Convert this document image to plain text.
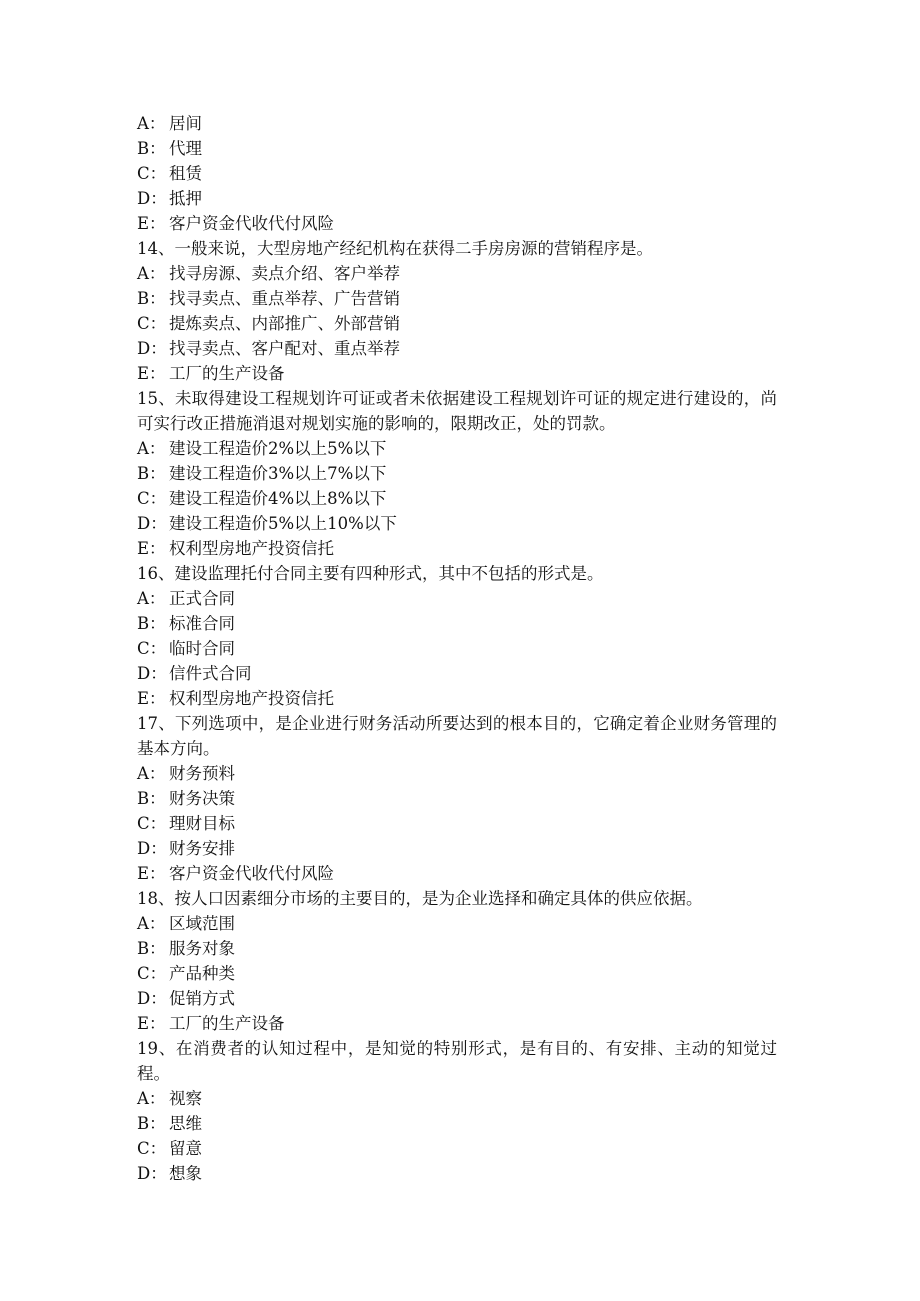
A： 居间
B： 代理
C： 租赁
D： 抵押
E： 客户资金代收代付风险
14、一般来说，大型房地产经纪机构在获得二手房房源的营销程序是。
A： 找寻房源、卖点介绍、客户举荐
B： 找寻卖点、重点举荐、广告营销
C： 提炼卖点、内部推广、外部营销
D： 找寻卖点、客户配对、重点举荐
E： 工厂的生产设备
15、未取得建设工程规划许可证或者未依据建设工程规划许可证的规定进行建设的，尚可实行改正措施消退对规划实施的影响的，限期改正，处的罚款。
A： 建设工程造价2%以上5%以下
B： 建设工程造价3%以上7%以下
C： 建设工程造价4%以上8%以下
D： 建设工程造价5%以上10%以下
E： 权利型房地产投资信托
16、建设监理托付合同主要有四种形式，其中不包括的形式是。
A： 正式合同
B： 标准合同
C： 临时合同
D： 信件式合同
E： 权利型房地产投资信托
17、下列选项中，是企业进行财务活动所要达到的根本目的，它确定着企业财务管理的基本方向。
A： 财务预料
B： 财务决策
C： 理财目标
D： 财务安排
E： 客户资金代收代付风险
18、按人口因素细分市场的主要目的，是为企业选择和确定具体的供应依据。
A： 区域范围
B： 服务对象
C： 产品种类
D： 促销方式
E： 工厂的生产设备
19、在消费者的认知过程中，是知觉的特别形式，是有目的、有安排、主动的知觉过程。
A： 视察
B： 思维
C： 留意
D： 想象
